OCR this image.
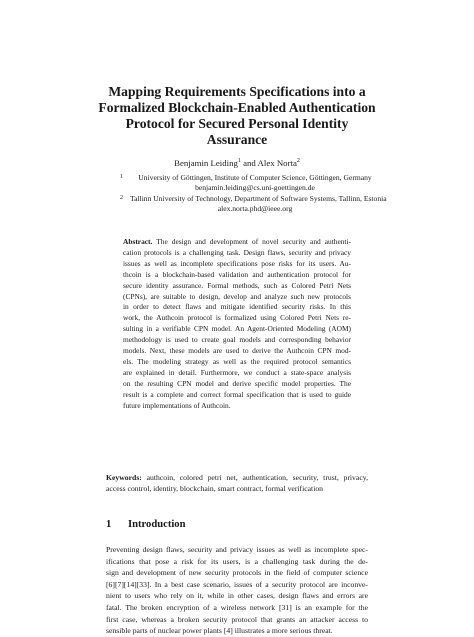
Mapping Requirements Specifications into a
Formalized Blockchain-Enabled Authentication
Protocol for Secured Personal Identity
Assurance
Benjamin Leiding$^1$ and Alex Norta$^2$
1	University of Göttingen, Institute of Computer Science, Göttingen, Germany
benjamin.leiding@cs.uni-goettingen.de
2 Tallinn University of Technology, Department of Software Systems, Tallinn, Estonia
alex.norta.phd@ieee.org
Abstract. The design and development of novel security and authenti-
cation protocols is a challenging task. Design flaws, security and privacy
issues as well as incomplete specifications pose risks for its users. Au-
thcoin is a blockchain-based validation and authentication protocol for
secure identity assurance. Formal methods, such as Colored Petri Nets
(CPNs), are suitable to design, develop and analyze such new protocols
in order to detect flaws and mitigate identified security risks. In this
work, the Authcoin protocol is formalized using Colored Petri Nets re-
sulting in a verifiable CPN model. An Agent-Oriented Modeling (AOM)
methodology is used to create goal models and corresponding behavior
models. Next, these models are used to derive the Authcoin CPN mod-
els. The modeling strategy as well as the required protocol semantics
are explained in detail. Furthermore, we conduct a state-space analysis
on the resulting CPN model and derive specific model properties. The
result is a complete and correct formal specification that is used to guide
future implementations of Authcoin.
Keywords: authcoin, colored petri net, authentication, security, trust, privacy,
access control, identity, blockchain, smart contract, formal verification
1 Introduction
Preventing design flaws, security and privacy issues as well as incomplete spec-
ifications that pose a risk for its users, is a challenging task during the de-
sign and development of new security protocols in the field of computer science
[6][7][14][33]. In a best case scenario, issues of a security protocol are inconve-
nient to users who rely on it, while in other cases, design flaws and errors are
fatal. The broken encryption of a wireless network [31] is an example for the
first case, whereas a broken security protocol that grants an attacker access to
sensible parts of nuclear power plants [4] illustrates a more serious threat.
